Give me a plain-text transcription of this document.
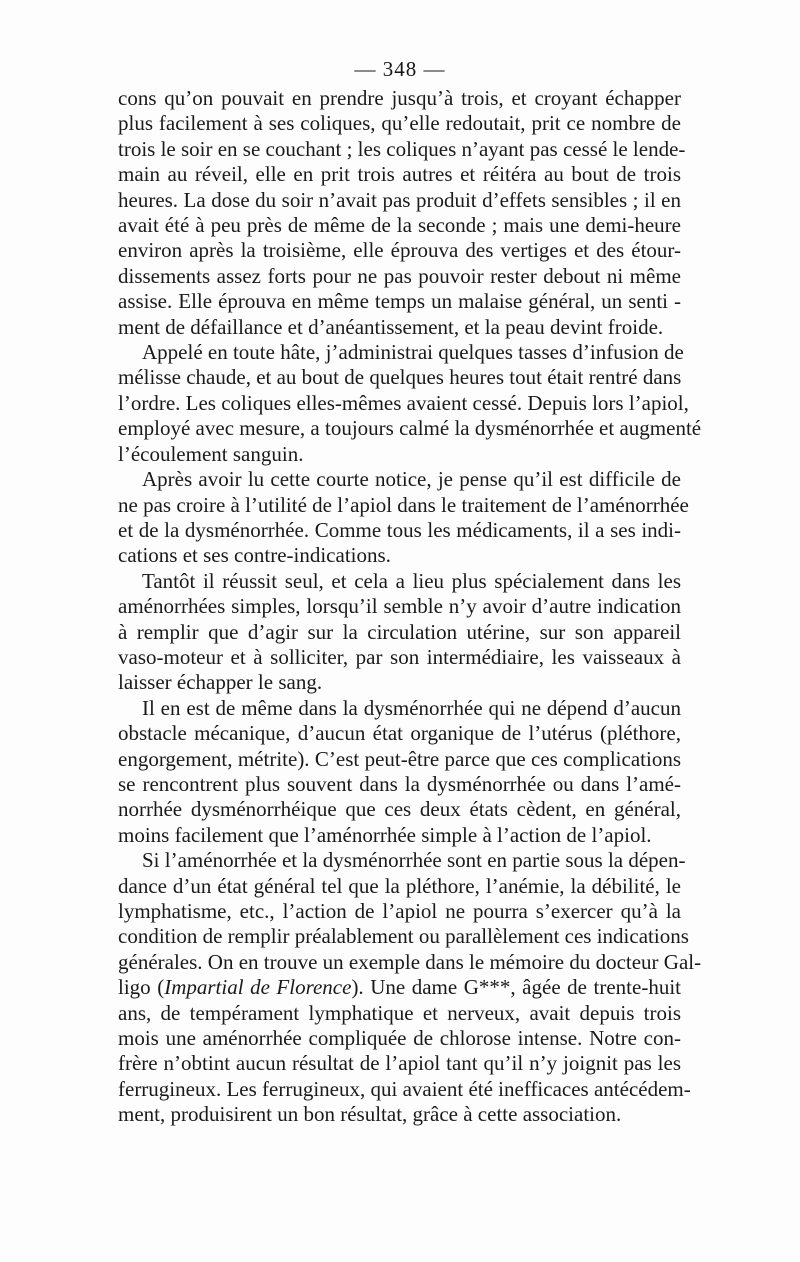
— 348 —

cons qu’on pouvait en prendre jusqu’à trois, et croyant échapper
plus facilement à ses coliques, qu’elle redoutait, prit ce nombre de
trois le soir en se couchant ; les coliques n’ayant pas cessé le lende-
main au réveil, elle en prit trois autres et réitéra au bout de trois
heures. La dose du soir n’avait pas produit d’effets sensibles ; il en
avait été à peu près de même de la seconde ; mais une demi-heure
environ après la troisième, elle éprouva des vertiges et des étour-
dissements assez forts pour ne pas pouvoir rester debout ni même
assise. Elle éprouva en même temps un malaise général, un senti -
ment de défaillance et d’anéantissement, et la peau devint froide.

Appelé en toute hâte, j’administrai quelques tasses d’infusion de
mélisse chaude, et au bout de quelques heures tout était rentré dans
l’ordre. Les coliques elles-mêmes avaient cessé. Depuis lors l’apiol,
employé avec mesure, a toujours calmé la dysménorrhée et augmenté
l’écoulement sanguin.

Après avoir lu cette courte notice, je pense qu’il est difficile de
ne pas croire à l’utilité de l’apiol dans le traitement de l’aménorrhée
et de la dysménorrhée. Comme tous les médicaments, il a ses indi-
cations et ses contre-indications.

Tantôt il réussit seul, et cela a lieu plus spécialement dans les
aménorrhées simples, lorsqu’il semble n’y avoir d’autre indication
à remplir que d’agir sur la circulation utérine, sur son appareil
vaso-moteur et à solliciter, par son intermédiaire, les vaisseaux à
laisser échapper le sang.

Il en est de même dans la dysménorrhée qui ne dépend d’aucun
obstacle mécanique, d’aucun état organique de l’utérus (pléthore,
engorgement, métrite). C’est peut-être parce que ces complications
se rencontrent plus souvent dans la dysménorrhée ou dans l’amé-
norrhée dysménorrhéique que ces deux états cèdent, en général,
moins facilement que l’aménorrhée simple à l’action de l’apiol.

Si l’aménorrhée et la dysménorrhée sont en partie sous la dépen-
dance d’un état général tel que la pléthore, l’anémie, la débilité, le
lymphatisme, etc., l’action de l’apiol ne pourra s’exercer qu’à la
condition de remplir préalablement ou parallèlement ces indications
générales. On en trouve un exemple dans le mémoire du docteur Gal-
ligo (Impartial de Florence). Une dame G***, âgée de trente-huit
ans, de tempérament lymphatique et nerveux, avait depuis trois
mois une aménorrhée compliquée de chlorose intense. Notre con-
frère n’obtint aucun résultat de l’apiol tant qu’il n’y joignit pas les
ferrugineux. Les ferrugineux, qui avaient été inefficaces antécédem-
ment, produisirent un bon résultat, grâce à cette association.
